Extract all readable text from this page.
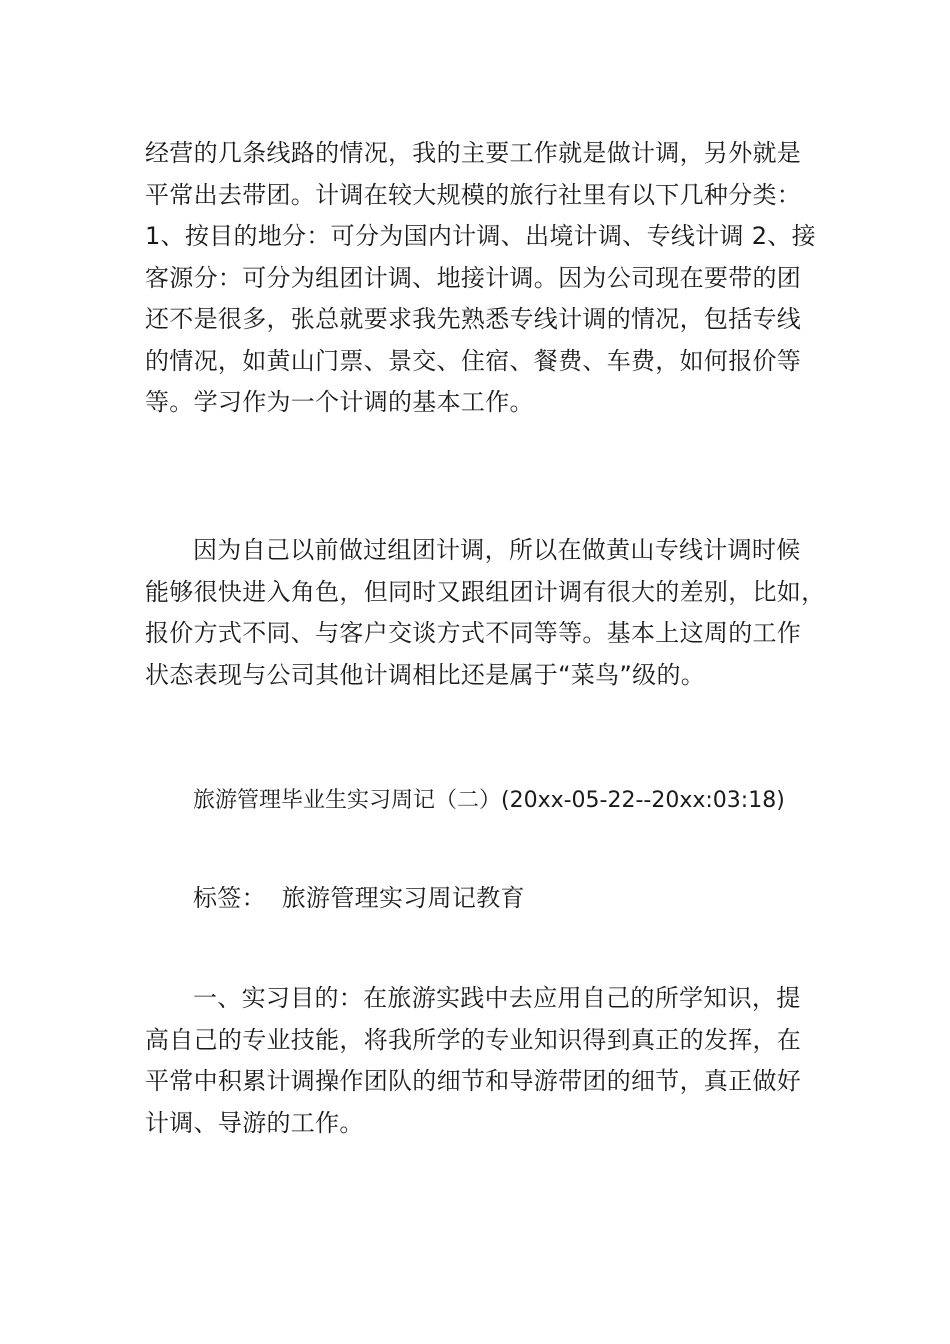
经营的几条线路的情况，我的主要工作就是做计调，另外就是
平常出去带团。计调在较大规模的旅行社里有以下几种分类：
1、按目的地分：可分为国内计调、出境计调、专线计调 2、接
客源分：可分为组团计调、地接计调。因为公司现在要带的团
还不是很多，张总就要求我先熟悉专线计调的情况，包括专线
的情况，如黄山门票、景交、住宿、餐费、车费，如何报价等
等。学习作为一个计调的基本工作。
因为自己以前做过组团计调，所以在做黄山专线计调时候
能够很快进入角色，但同时又跟组团计调有很大的差别，比如，
报价方式不同、与客户交谈方式不同等等。基本上这周的工作
状态表现与公司其他计调相比还是属于“菜鸟”级的。
旅游管理毕业生实习周记（二）(20xx-05-22--20xx:03:18)
标签：  旅游管理实习周记教育
一、实习目的：在旅游实践中去应用自己的所学知识，提
高自己的专业技能，将我所学的专业知识得到真正的发挥，在
平常中积累计调操作团队的细节和导游带团的细节，真正做好
计调、导游的工作。
